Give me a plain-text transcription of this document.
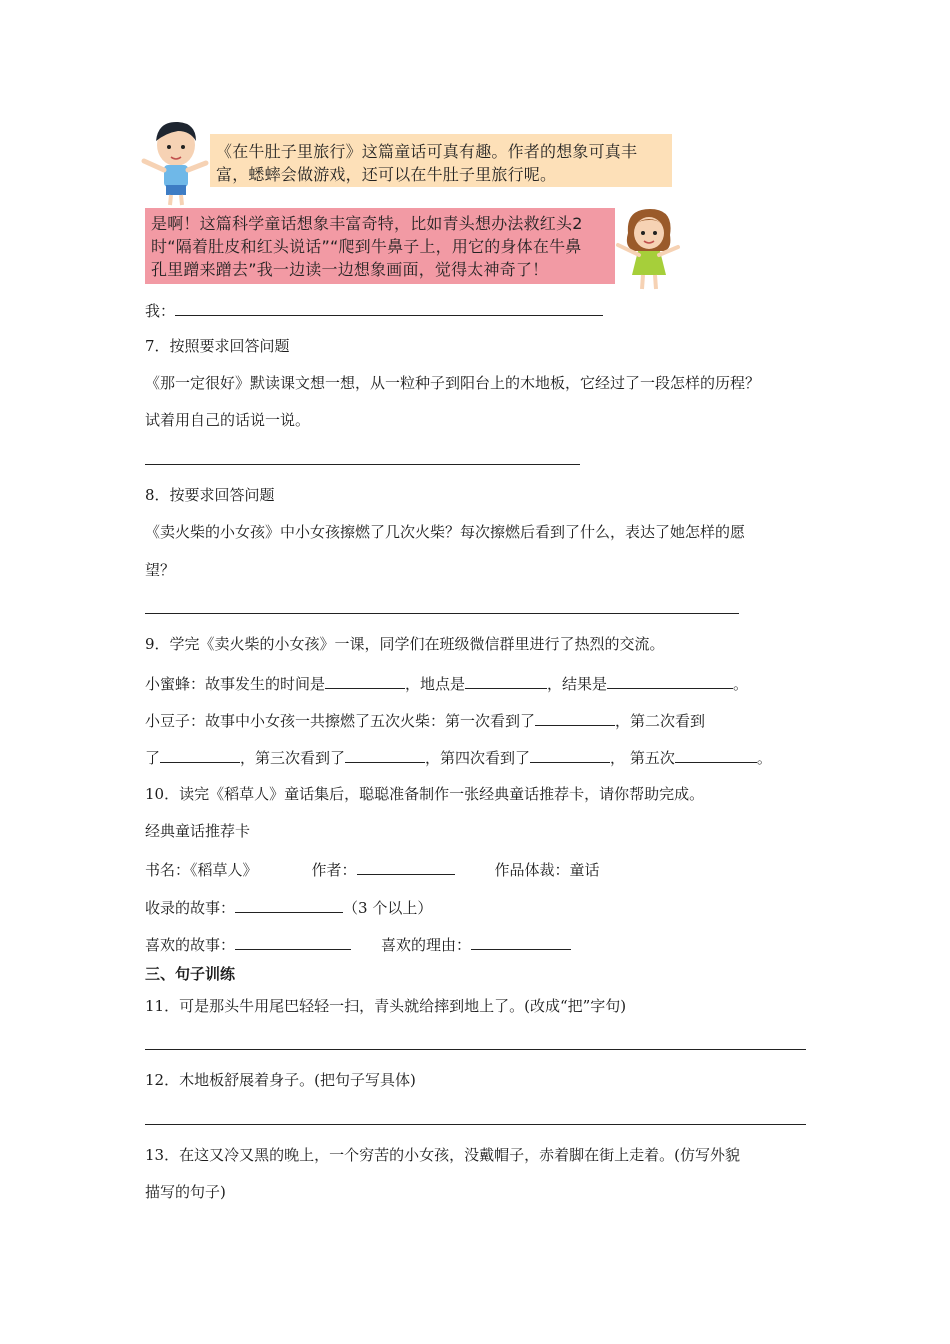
《在牛肚子里旅行》这篇童话可真有趣。作者的想象可真丰
富，蟋蟀会做游戏，还可以在牛肚子里旅行呢。
是啊！这篇科学童话想象丰富奇特，比如青头想办法救红头2
时“隔着肚皮和红头说话”“爬到牛鼻子上，用它的身体在牛鼻
孔里蹭来蹭去”我一边读一边想象画面，觉得太神奇了！
我：
7．按照要求回答问题
《那一定很好》默读课文想一想，从一粒种子到阳台上的木地板，它经过了一段怎样的历程？
试着用自己的话说一说。
8．按要求回答问题
《卖火柴的小女孩》中小女孩擦燃了几次火柴？每次擦燃后看到了什么，表达了她怎样的愿
望？
9．学完《卖火柴的小女孩》一课，同学们在班级微信群里进行了热烈的交流。
小蜜蜂：故事发生的时间是	，地点是	，结果是	。
小豆子：故事中小女孩一共擦燃了五次火柴：第一次看到了	，第二次看到
了	，第三次看到了	，第四次看到了	， 第五次	。
10．读完《稻草人》童话集后，聪聪准备制作一张经典童话推荐卡，请你帮助完成。
经典童话推荐卡
书名：《稻草人》	作者：	作品体裁：童话
收录的故事：	（3 个以上）
喜欢的故事：	喜欢的理由：
三、句子训练
11．可是那头牛用尾巴轻轻一扫，青头就给摔到地上了。(改成“把”字句)
12．木地板舒展着身子。(把句子写具体)
13．在这又冷又黑的晚上，一个穷苦的小女孩，没戴帽子，赤着脚在街上走着。(仿写外貌
描写的句子)
